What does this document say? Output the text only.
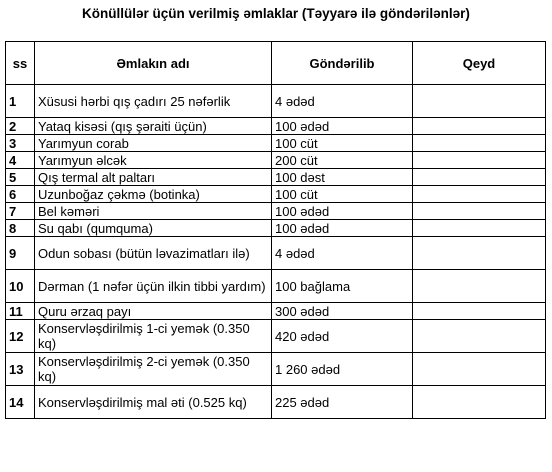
Könüllülər üçün verilmiş əmlaklar (Təyyarə ilə göndərilənlər)
ss	Əmlakın adı	Göndərilib	Qeyd
1	Xüsusi hərbi qış çadırı 25 nəfərlik	4 ədəd	
2	Yataq kisəsi (qış şəraiti üçün)	100 ədəd	
3	Yarımyun corab	100 cüt	
4	Yarımyun əlcək	200 cüt	
5	Qış termal alt paltarı	100 dəst	
6	Uzunboğaz çəkmə (botinka)	100 cüt	
7	Bel kəməri	100 ədəd	
8	Su qabı (qumquma)	100 ədəd	
9	Odun sobası (bütün ləvazimatları ilə)	4 ədəd	
10	Dərman (1 nəfər üçün ilkin tibbi yardım)	100 bağlama	
11	Quru ərzaq payı	300 ədəd	
12	Konservləşdirilmiş 1-ci yemək (0.350 kq)	420 ədəd	
13	Konservləşdirilmiş 2-ci yemək (0.350 kq)	1 260 ədəd	
14	Konservləşdirilmiş mal əti (0.525 kq)	225 ədəd	
